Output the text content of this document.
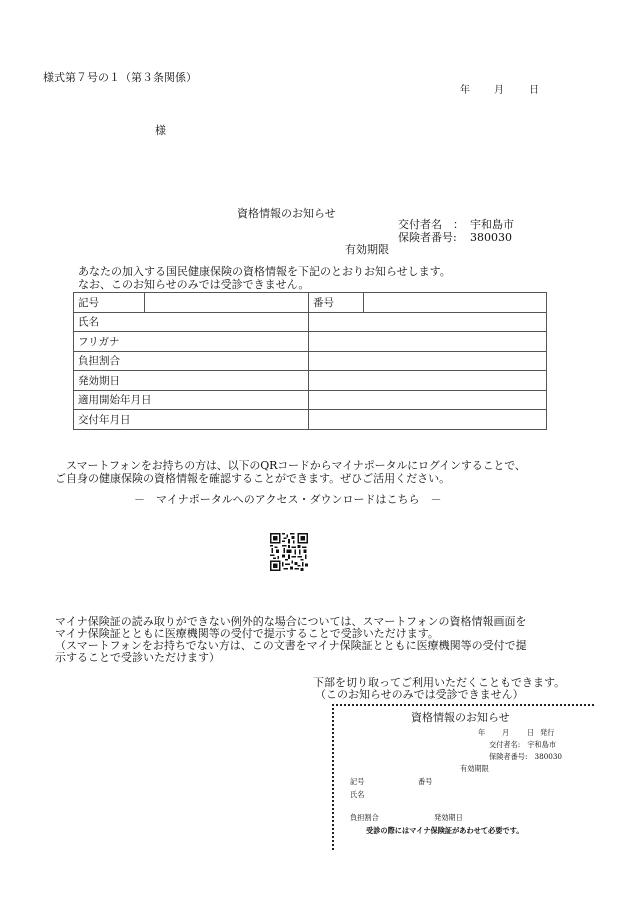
様式第７号の１（第３条関係）
年 月	日
様
資格情報のお知らせ
交付者名 ： 宇和島市
保険者番号: 380030
有効期限
あなたの加入する国民健康保険の資格情報を下記のとおりお知らせします。
なお、このお知らせのみでは受診できません。
記号		番号	
氏名			
フリガナ			
負担割合			
発効期日			
適用開始年月日			
交付年月日			
スマートフォンをお持ちの方は、以下のQRコードからマイナポータルにログインすることで、
ご自身の健康保険の資格情報を確認することができます。ぜひご活用ください。
－　マイナポータルへのアクセス・ダウンロードはこちら　－
マイナ保険証の読み取りができない例外的な場合については、スマートフォンの資格情報画面を
マイナ保険証とともに医療機関等の受付で提示することで受診いただけます。
（スマートフォンをお持ちでない方は、この文書をマイナ保険証とともに医療機関等の受付で提
示することで受診いただけます）
下部を切り取ってご利用いただくこともできます。
（このお知らせのみでは受診できません）
資格情報のお知らせ
年 月 日 発行
交付者名:　宇和島市
保険者番号:　380030
有効期限
記号	番号
氏名
負担割合	発効期日
受診の際にはマイナ保険証があわせて必要です。
